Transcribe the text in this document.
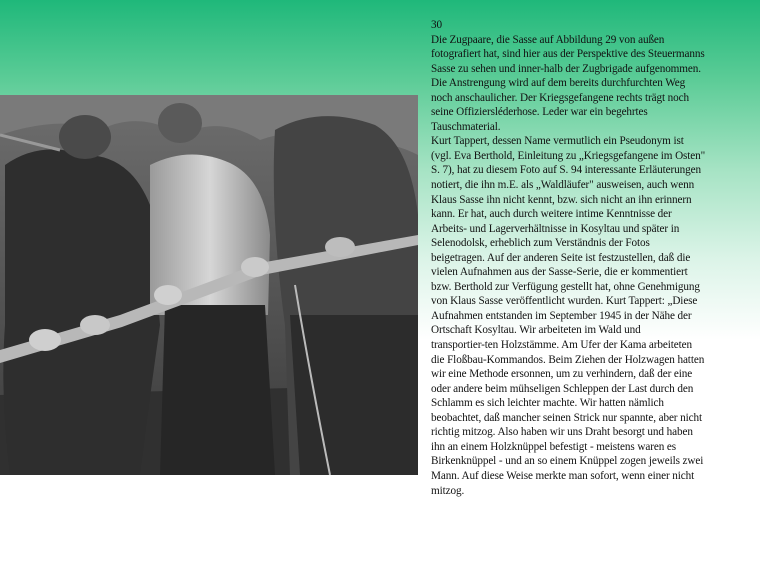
30
Die Zugpaare, die Sasse auf Abbildung 29 von außen
fotografiert hat, sind hier aus der Perspektive des Steuermanns
Sasse zu sehen und inner-halb der Zugbrigade aufgenommen.
Die Anstrengung wird auf dem bereits durchfurchten Weg
noch anschaulicher. Der Kriegsgefangene rechts trägt noch
seine Offiziersléderhose. Leder war ein begehrtes
Tauschmaterial.
Kurt Tappert, dessen Name vermutlich ein Pseudonym ist
(vgl. Eva Berthold, Einleitung zu „Kriegsgefangene im Osten"
S. 7), hat zu diesem Foto auf S. 94 interessante Erläuterungen
notiert, die ihn m.E. als „Waldläufer" ausweisen, auch wenn
Klaus Sasse ihn nicht kennt, bzw. sich nicht an ihn erinnern
kann. Er hat, auch durch weitere intime Kenntnisse der
Arbeits- und Lagerverhältnisse in Kosyltau und später in
Selenodolsk, erheblich zum Verständnis der Fotos
beigetragen. Auf der anderen Seite ist festzustellen, daß die
vielen Aufnahmen aus der Sasse-Serie, die er kommentiert
bzw. Berthold zur Verfügung gestellt hat, ohne Genehmigung
von Klaus Sasse veröffentlicht wurden. Kurt Tappert: „Diese
Aufnahmen entstanden im September 1945 in der Nähe der
Ortschaft Kosyltau. Wir arbeiteten im Wald und
transportier-ten Holzstämme. Am Ufer der Kama arbeiteten
die Floßbau-Kommandos. Beim Ziehen der Holzwagen hatten
wir eine Methode ersonnen, um zu verhindern, daß der eine
oder andere beim mühseligen Schleppen der Last durch den
Schlamm es sich leichter machte. Wir hatten nämlich
beobachtet, daß mancher seinen Strick nur spannte, aber nicht
richtig mitzog. Also haben wir uns Draht besorgt und haben
ihn an einem Holzknüppel befestigt - meistens waren es
Birkenknüppel - und an so einem Knüppel zogen jeweils zwei
Mann. Auf diese Weise merkte man sofort, wenn einer nicht
mitzog.
